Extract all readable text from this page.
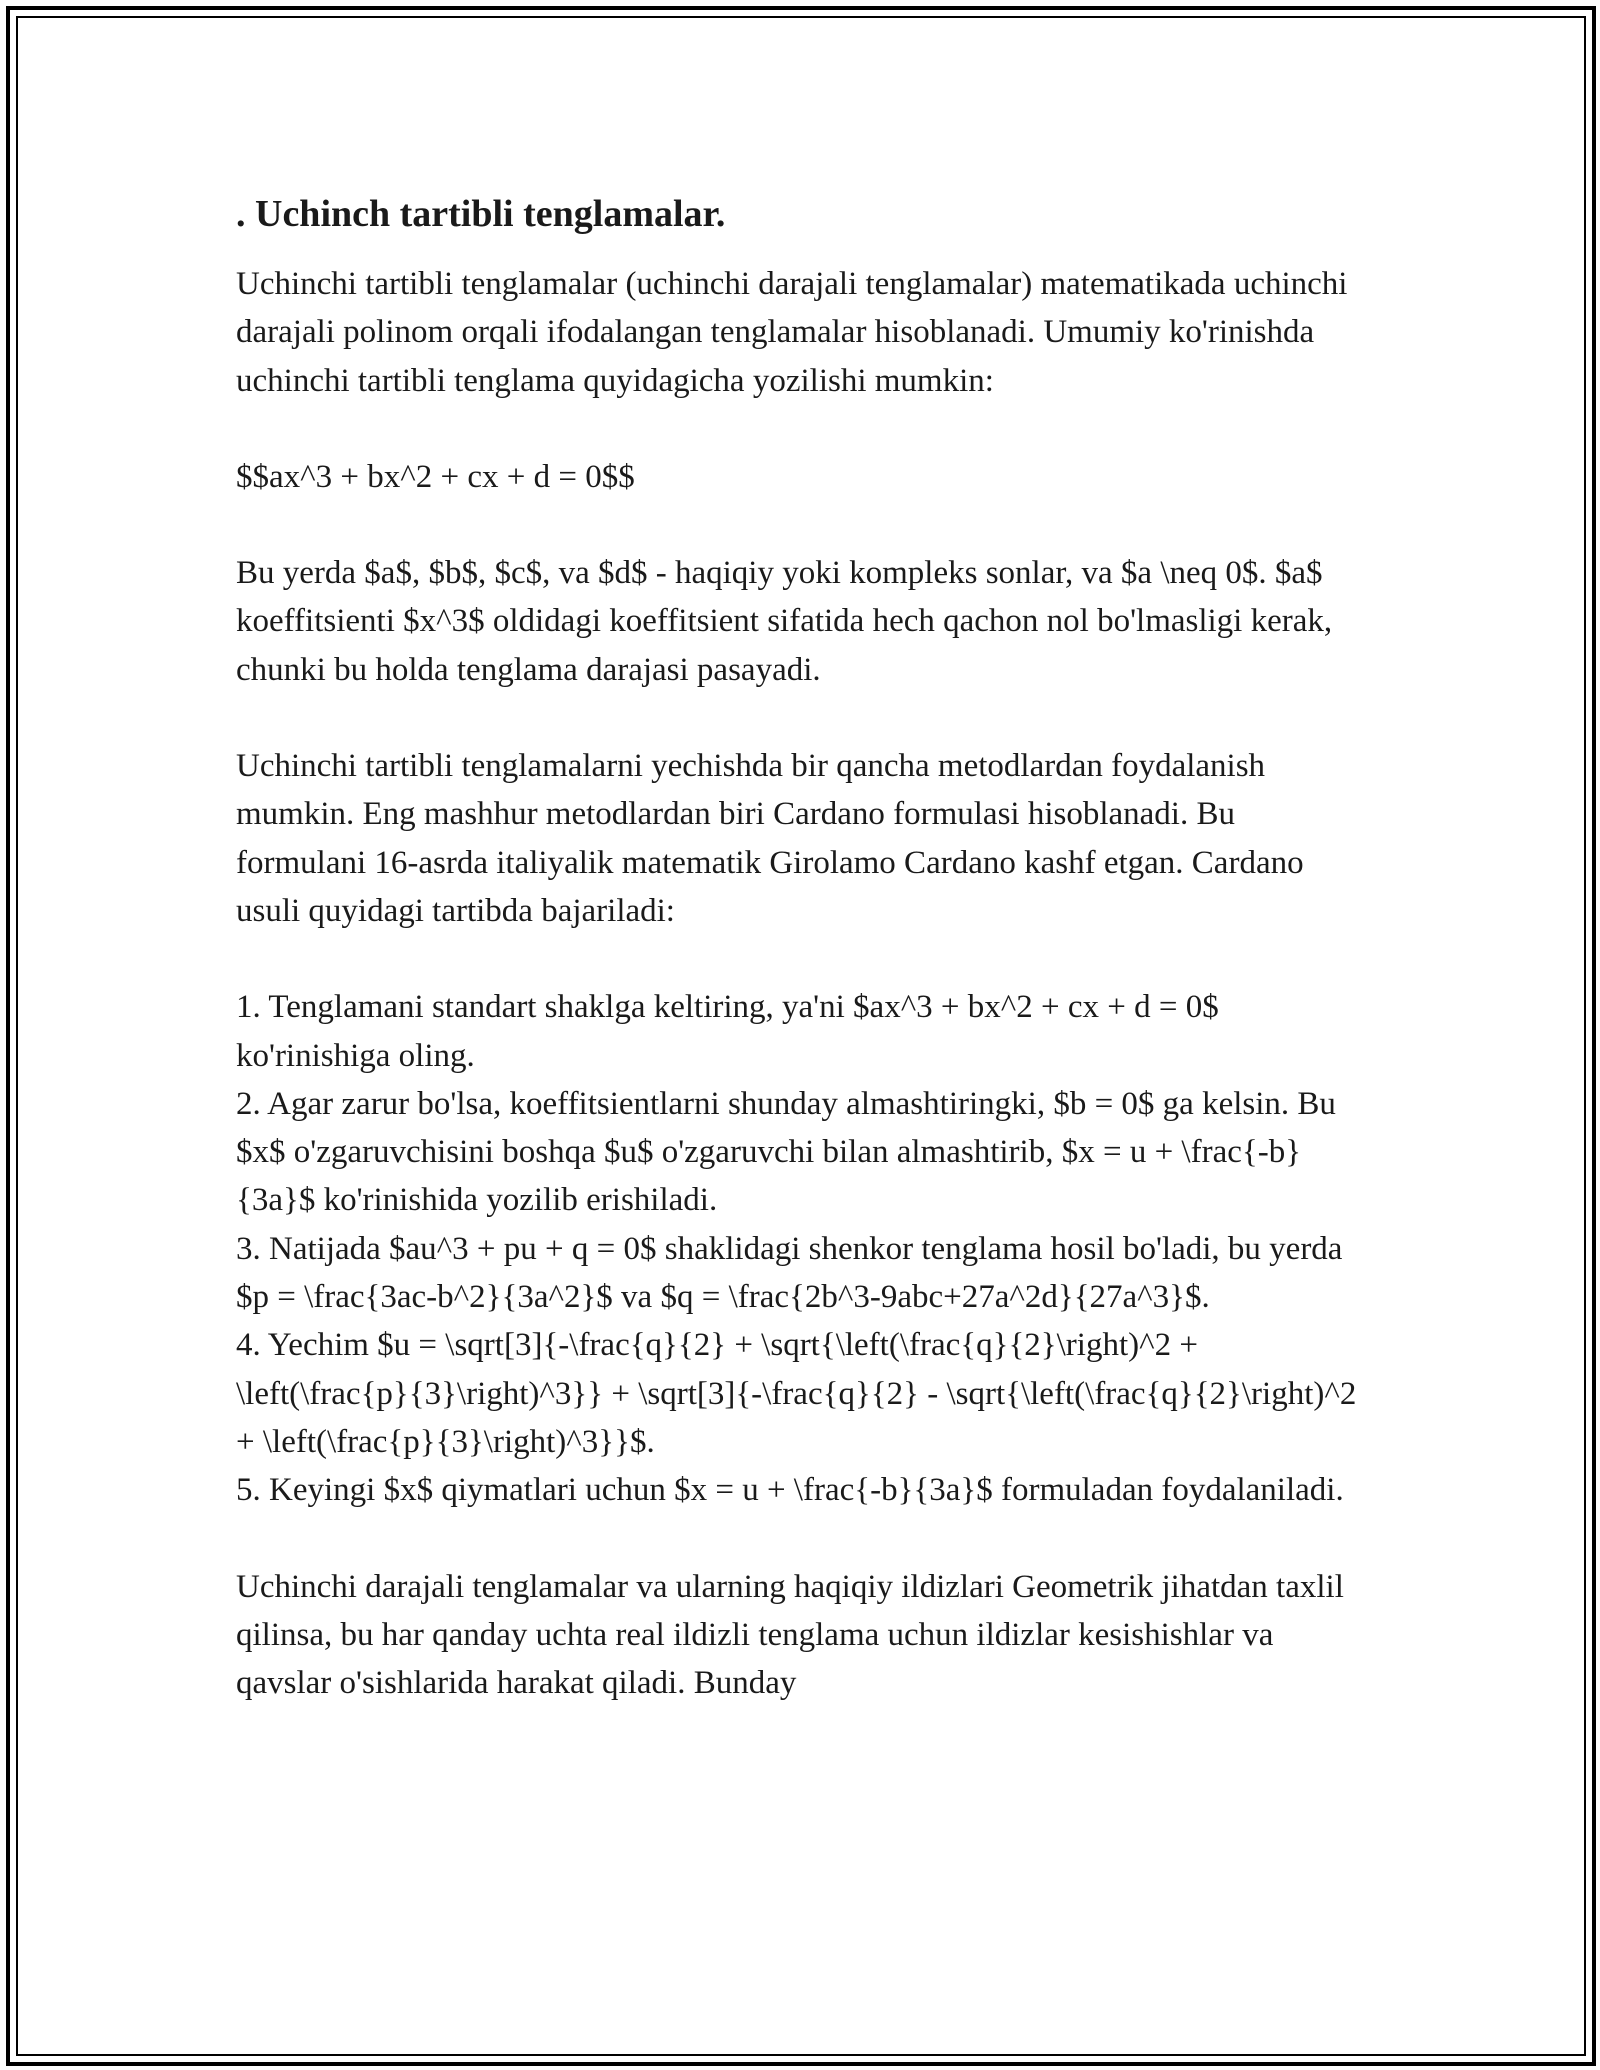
. Uchinch tartibli tenglamalar.

Uchinchi tartibli tenglamalar (uchinchi darajali tenglamalar) matematikada uchinchi darajali polinom orqali ifodalangan tenglamalar hisoblanadi. Umumiy ko'rinishda uchinchi tartibli tenglama quyidagicha yozilishi mumkin:

$$ax^3 + bx^2 + cx + d = 0$$

Bu yerda $a$, $b$, $c$, va $d$ - haqiqiy yoki kompleks sonlar, va $a \neq 0$. $a$ koeffitsienti $x^3$ oldidagi koeffitsient sifatida hech qachon nol bo'lmasligi kerak, chunki bu holda tenglama darajasi pasayadi.

Uchinchi tartibli tenglamalarni yechishda bir qancha metodlardan foydalanish mumkin. Eng mashhur metodlardan biri Cardano formulasi hisoblanadi. Bu formulani 16-asrda italiyalik matematik Girolamo Cardano kashf etgan. Cardano usuli quyidagi tartibda bajariladi:

1. Tenglamani standart shaklga keltiring, ya'ni $ax^3 + bx^2 + cx + d = 0$ ko'rinishiga oling.
2. Agar zarur bo'lsa, koeffitsientlarni shunday almashtiringki, $b = 0$ ga kelsin. Bu $x$ o'zgaruvchisini boshqa $u$ o'zgaruvchi bilan almashtirib, $x = u + \frac{-b}{3a}$ ko'rinishida yozilib erishiladi.
3. Natijada $au^3 + pu + q = 0$ shaklidagi shenkor tenglama hosil bo'ladi, bu yerda $p = \frac{3ac-b^2}{3a^2}$ va $q = \frac{2b^3-9abc+27a^2d}{27a^3}$.
4. Yechim $u = \sqrt[3]{-\frac{q}{2} + \sqrt{\left(\frac{q}{2}\right)^2 + \left(\frac{p}{3}\right)^3}} + \sqrt[3]{-\frac{q}{2} - \sqrt{\left(\frac{q}{2}\right)^2 + \left(\frac{p}{3}\right)^3}}$.
5. Keyingi $x$ qiymatlari uchun $x = u + \frac{-b}{3a}$ formuladan foydalaniladi.

Uchinchi darajali tenglamalar va ularning haqiqiy ildizlari Geometrik jihatdan taxlil qilinsa, bu har qanday uchta real ildizli tenglama uchun ildizlar kesishishlar va qavslar o'sishlarida harakat qiladi. Bunday
